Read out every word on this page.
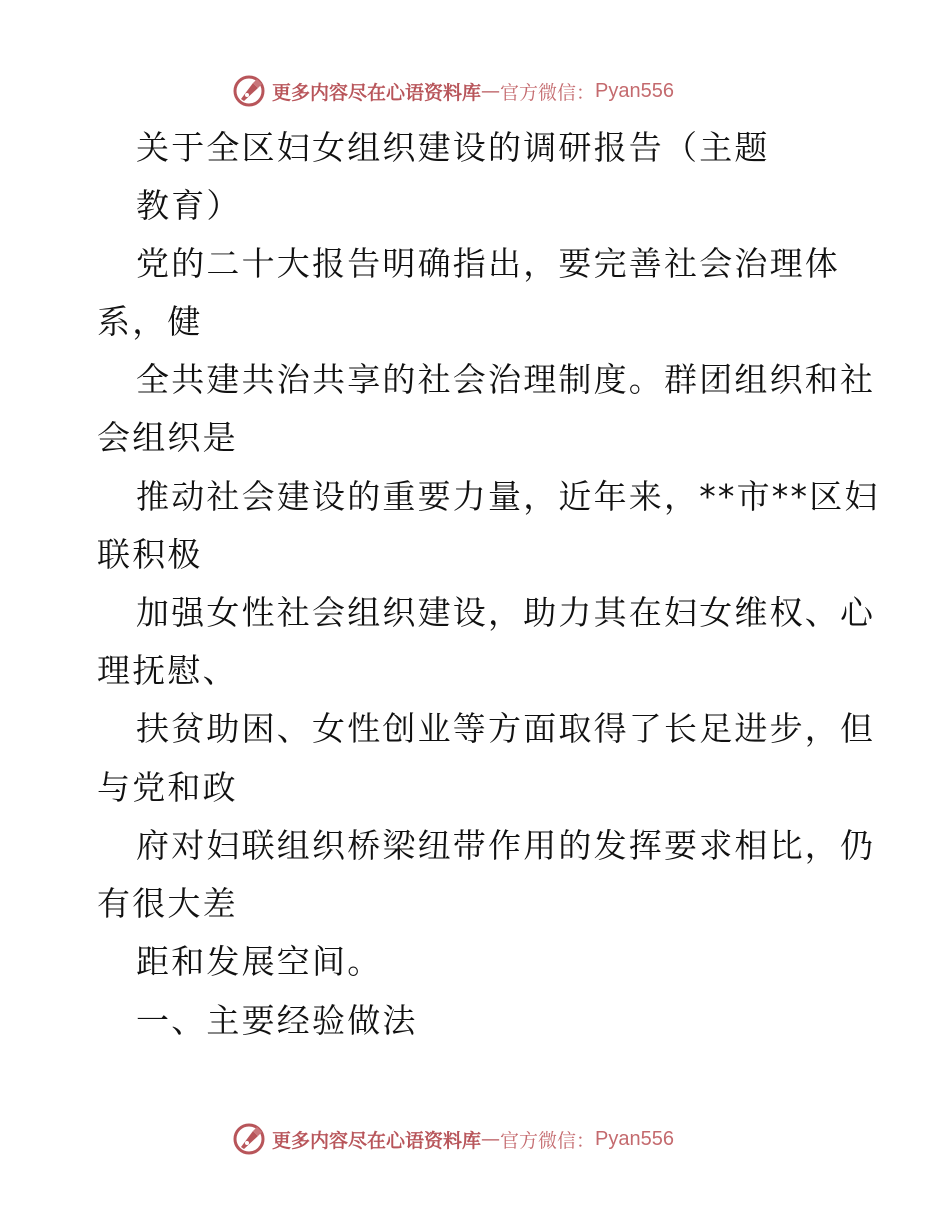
更多内容尽在心语资料库 — 官方微信： Pyan556
关于全区妇女组织建设的调研报告（主题
教育）
党的二十大报告明确指出，要完善社会治理体
系，健
全共建共治共享的社会治理制度。群团组织和社
会组织是
推动社会建设的重要力量，近年来，**市**区妇
联积极
加强女性社会组织建设，助力其在妇女维权、心
理抚慰、
扶贫助困、女性创业等方面取得了长足进步，但
与党和政
府对妇联组织桥梁纽带作用的发挥要求相比，仍
有很大差
距和发展空间。
一、主要经验做法
更多内容尽在心语资料库 — 官方微信： Pyan556
